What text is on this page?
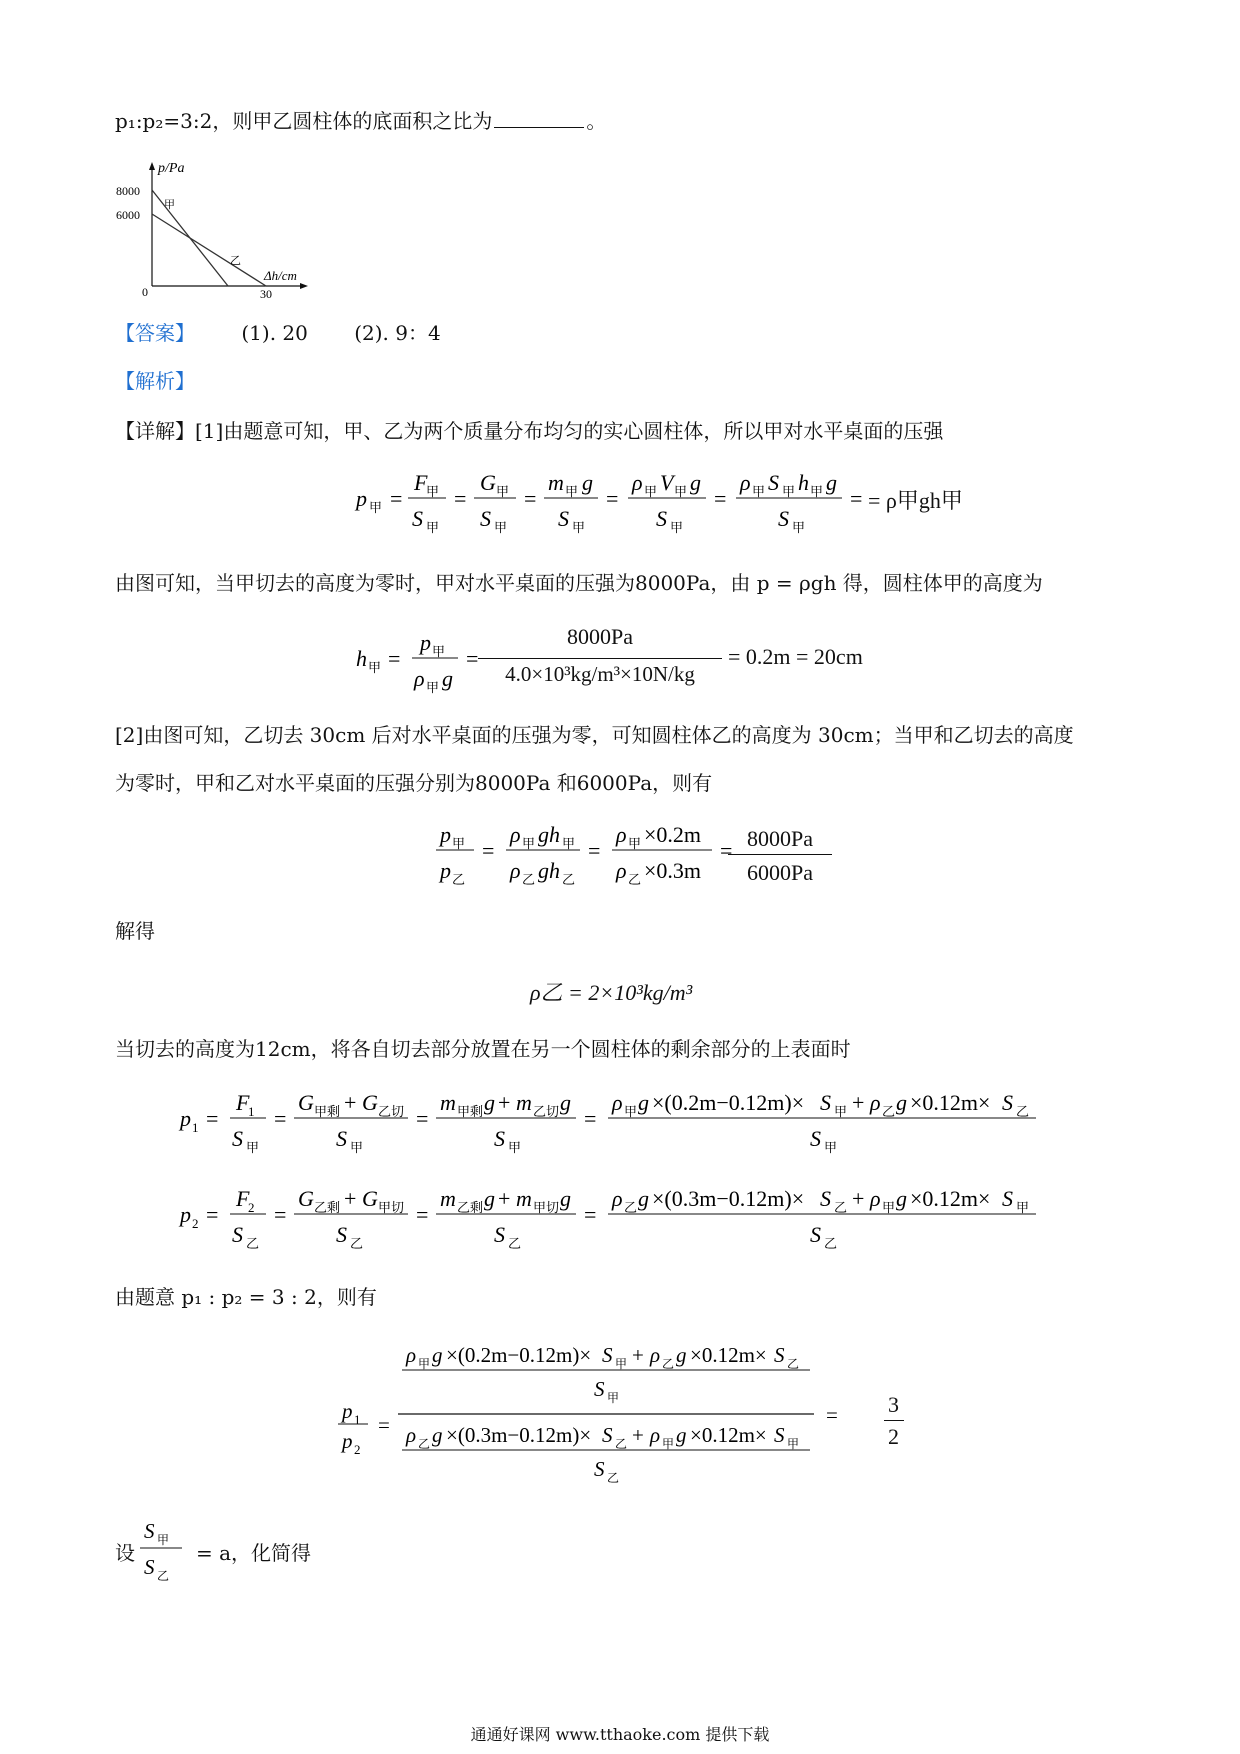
p₁:p₂=3:2，则甲乙圆柱体的底面积之比为	。
p/Pa
8000
6000
0	30
Δh/cm
甲
乙
【答案】 (1). 20 (2). 9：4
【解析】
【详解】[1]由题意可知，甲、乙为两个质量分布均匀的实心圆柱体，所以甲对水平桌面的压强
p 甲 =
F
甲
S 甲
=
G 甲
S 甲
=
m 甲 g
S 甲
=
ρ 甲 V 甲 g
S 甲
=
ρ 甲 S 甲 h 甲 g
S 甲
= = ρ甲gh甲
由图可知，当甲切去的高度为零时，甲对水平桌面的压强为8000Pa，由 p = ρgh 得，圆柱体甲的高度为
h 甲 =
p 甲
ρ 甲 g
=
8000Pa
4.0×10³kg/m³×10N/kg
= 0.2m = 20cm
[2]由图可知，乙切去 30cm 后对水平桌面的压强为零，可知圆柱体乙的高度为 30cm；当甲和乙切去的高度
为零时，甲和乙对水平桌面的压强分别为8000Pa 和6000Pa，则有
p 甲
p 乙
=
ρ 甲 gh 甲
ρ 乙 gh 乙
=
ρ 甲 ×0.2m
ρ 乙 ×0.3m
= 8000Pa
6000Pa
解得
ρ乙 = 2×10³kg/m³
当切去的高度为12cm，将各自切去部分放置在另一个圆柱体的剩余部分的上表面时
p 1 =
F
1
S 甲
=
G 甲剩 + G 乙切
S 甲
=
m 甲剩 g + m 乙切 g
S 甲
=
ρ 甲 g ×(0.2m−0.12m)× S 甲 + ρ 乙 g ×0.12m× S 乙
S 甲
p 2 =
F
2
S 乙
=
G 乙剩 + G 甲切
S 乙
=
m 乙剩 g + m 甲切 g
S 乙
=
ρ 乙 g ×(0.3m−0.12m)× S 乙 + ρ 甲 g ×0.12m× S 甲
S 乙
由题意 p₁ : p₂ = 3 : 2，则有
p 1
p 2
=
ρ 甲 g ×(0.2m−0.12m)× S 甲 + ρ 乙 g ×0.12m× S 乙
S 甲
ρ 乙 g ×(0.3m−0.12m)× S 乙 + ρ 甲 g ×0.12m× S 甲
S 乙
= 3
2
设
S 甲
S 乙
= a，化简得
通通好课网 www.tthaoke.com 提供下载
